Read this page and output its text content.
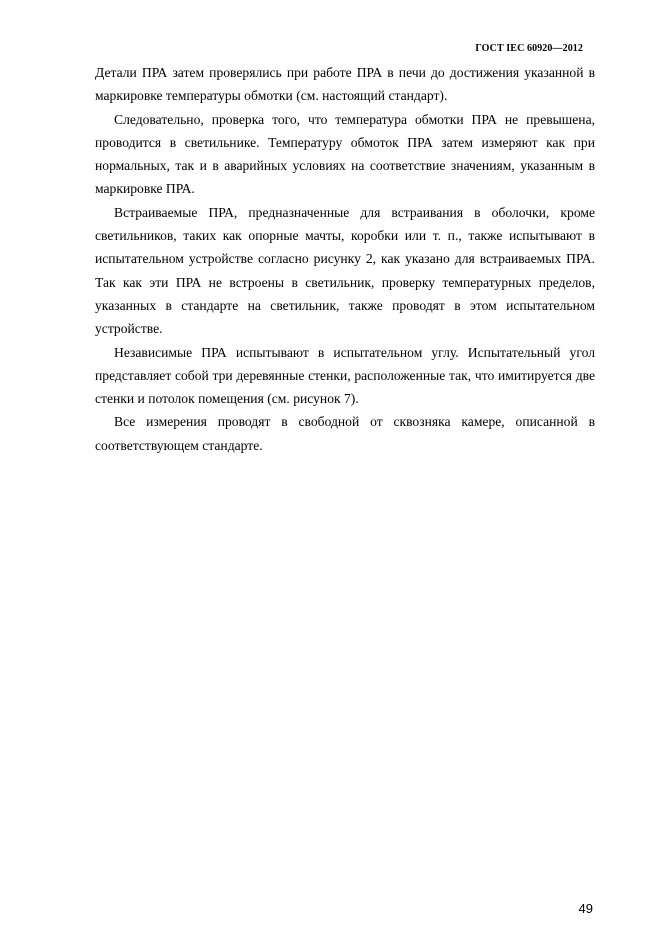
ГОСТ IEC 60920—2012

Детали ПРА затем проверялись при работе ПРА в печи до достижения указанной в маркировке температуры обмотки (см. настоящий стандарт).

Следовательно, проверка того, что температура обмотки ПРА не превышена, проводится в светильнике. Температуру обмоток ПРА затем измеряют как при нормальных, так и в аварийных условиях на соответствие значениям, указанным в маркировке ПРА.

Встраиваемые ПРА, предназначенные для встраивания в оболочки, кроме светильников, таких как опорные мачты, коробки или т. п., также испытывают в испытательном устройстве согласно рисунку 2, как указано для встраиваемых ПРА. Так как эти ПРА не встроены в светильник, проверку температурных пределов, указанных в стандарте на светильник, также проводят в этом испытательном устройстве.

Независимые ПРА испытывают в испытательном углу. Испытательный угол представляет собой три деревянные стенки, расположенные так, что имитируется две стенки и потолок помещения (см. рисунок 7).

Все измерения проводят в свободной от сквозняка камере, описанной в соответствующем стандарте.

49
